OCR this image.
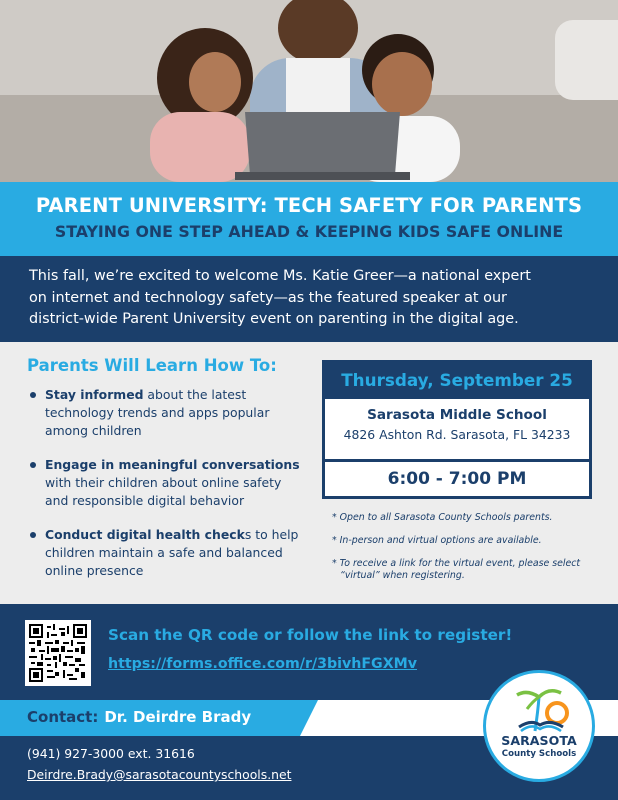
PARENT UNIVERSITY: TECH SAFETY FOR PARENTS
STAYING ONE STEP AHEAD & KEEPING KIDS SAFE ONLINE
This fall, we’re excited to welcome Ms. Katie Greer—a national expert
on internet and technology safety—as the featured speaker at our
district-wide Parent University event on parenting in the digital age.
Parents Will Learn How To:
Stay informed about the latest
technology trends and apps popular
among children
Engage in meaningful conversations
with their children about online safety
and responsible digital behavior
Conduct digital health checks to help
children maintain a safe and balanced
online presence
Thursday, September 25
Sarasota Middle School
4826 Ashton Rd. Sarasota, FL 34233
6:00 - 7:00 PM
* Open to all Sarasota County Schools parents.
* In-person and virtual options are available.
* To receive a link for the virtual event, please select “virtual” when registering.
Scan the QR code or follow the link to register!
https://forms.office.com/r/3bivhFGXMv
(941) 927-3000 ext. 31616
Deirdre.Brady@sarasotacountyschools.net
Contact: Dr. Deirdre Brady
SARASOTA
County Schools
